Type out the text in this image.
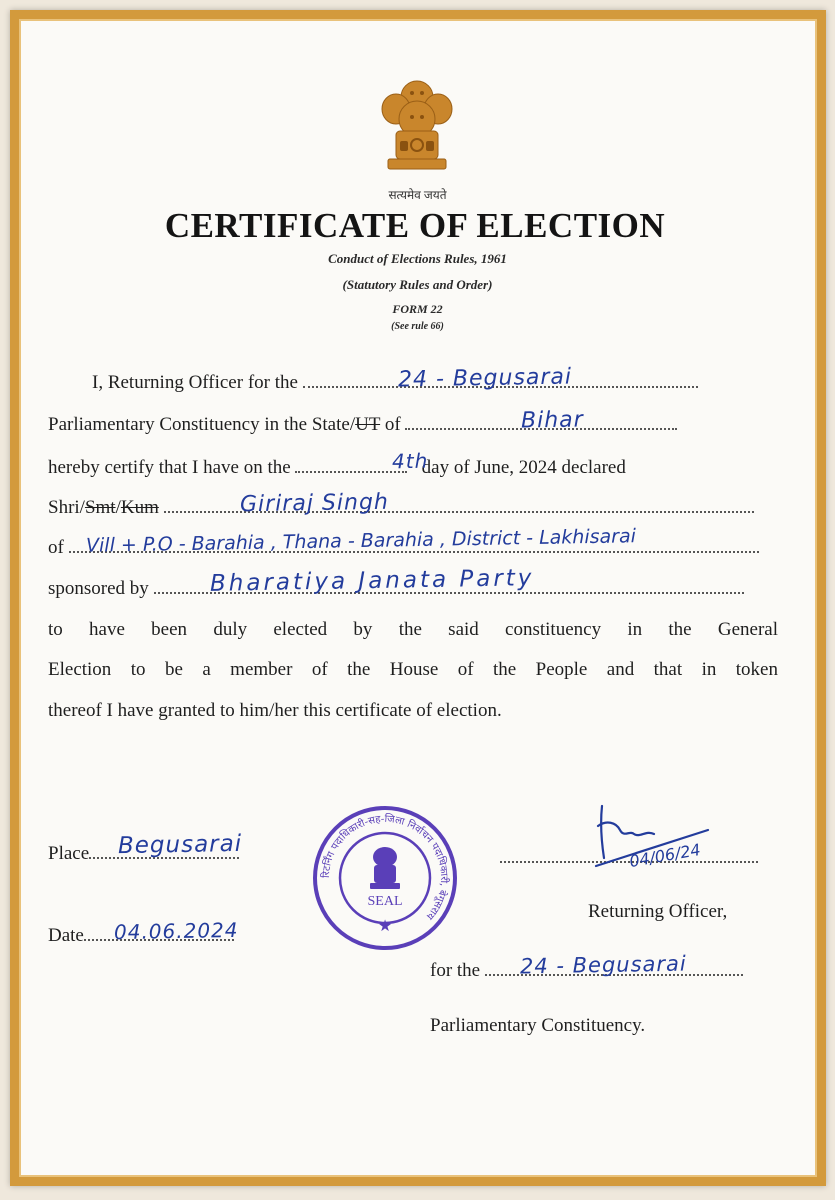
सत्यमेव जयते
CERTIFICATE OF ELECTION
Conduct of Elections Rules, 1961
(Statutory Rules and Order)
FORM 22
(See rule 66)
I, Returning Officer for the	24 - Begusarai
Parliamentary Constituency in the State/UT of	Bihar
hereby certify that I have on the	day of June, 2024 declared
4th
Shri/Smt/Kum	Giriraj Singh
of	Vill + P.O - Barahia , Thana - Barahia , District - Lakhisarai
sponsored by	Bharatiya Janata Party
to have been duly elected by the said constituency in the General
Election to be a member of the House of the People and that in token
thereof I have granted to him/her this certificate of election.
Place	Begusarai
Date	04.06.2024
रिटर्निंग पदाधिकारी-सह-जिला निर्वाचन पदाधिकारी, बेगूसराय
SEAL
★
04/06/24
Returning Officer,
for the	24 - Begusarai
Parliamentary Constituency.
